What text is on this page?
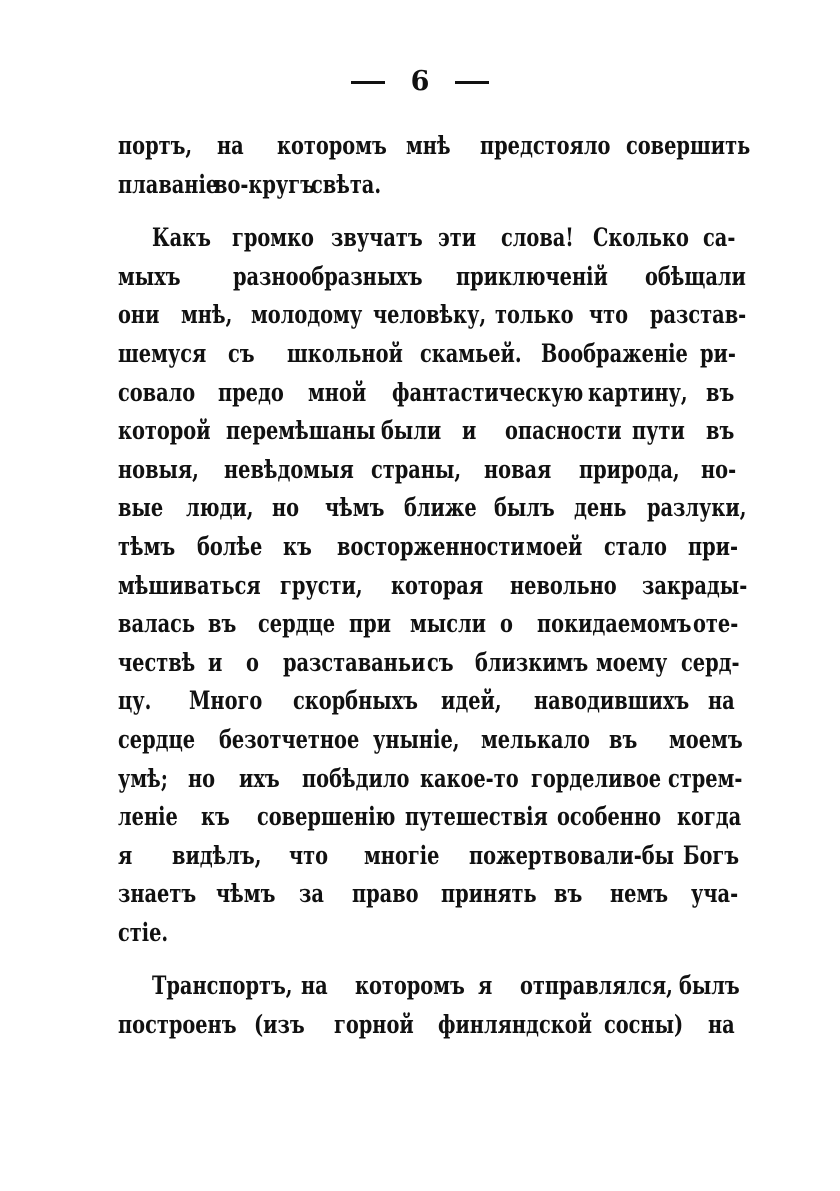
6
портъ, на которомъ мнѣ предстояло совершить
плаваніе
во-кругъ
свѣта.
Какъ громко звучатъ эти слова! Сколько са-
мыхъ разнообразныхъ приключеній обѣщали
они мнѣ, молодому человѣку, только что разстав-
шемуся съ школьной скамьей. Воображеніе ри-
совало предо мной фантастическую картину, въ
которой перемѣшаны были и опасности пути въ
новыя, невѣдомыя страны, новая природа, но-
вые люди, но чѣмъ ближе былъ день разлуки,
тѣмъ болѣе къ восторженности моей стало при-
мѣшиваться грусти, которая невольно закрады-
валась въ сердце при мысли о покидаемомъ оте-
чествѣ и о разставаньи съ близкимъ моему серд-
цу. Много скорбныхъ идей, наводившихъ на
сердце безотчетное уныніе, мелькало въ моемъ
умѣ; но ихъ побѣдило какое-то горделивое стрем-
леніе къ совершенію путешествія особенно когда
я видѣлъ, что многіе пожертвовали-бы Богъ
знаетъ чѣмъ за право принять въ немъ уча-
стіе.
Транспортъ, на которомъ я отправлялся, былъ
построенъ (изъ горной финляндской сосны) на
